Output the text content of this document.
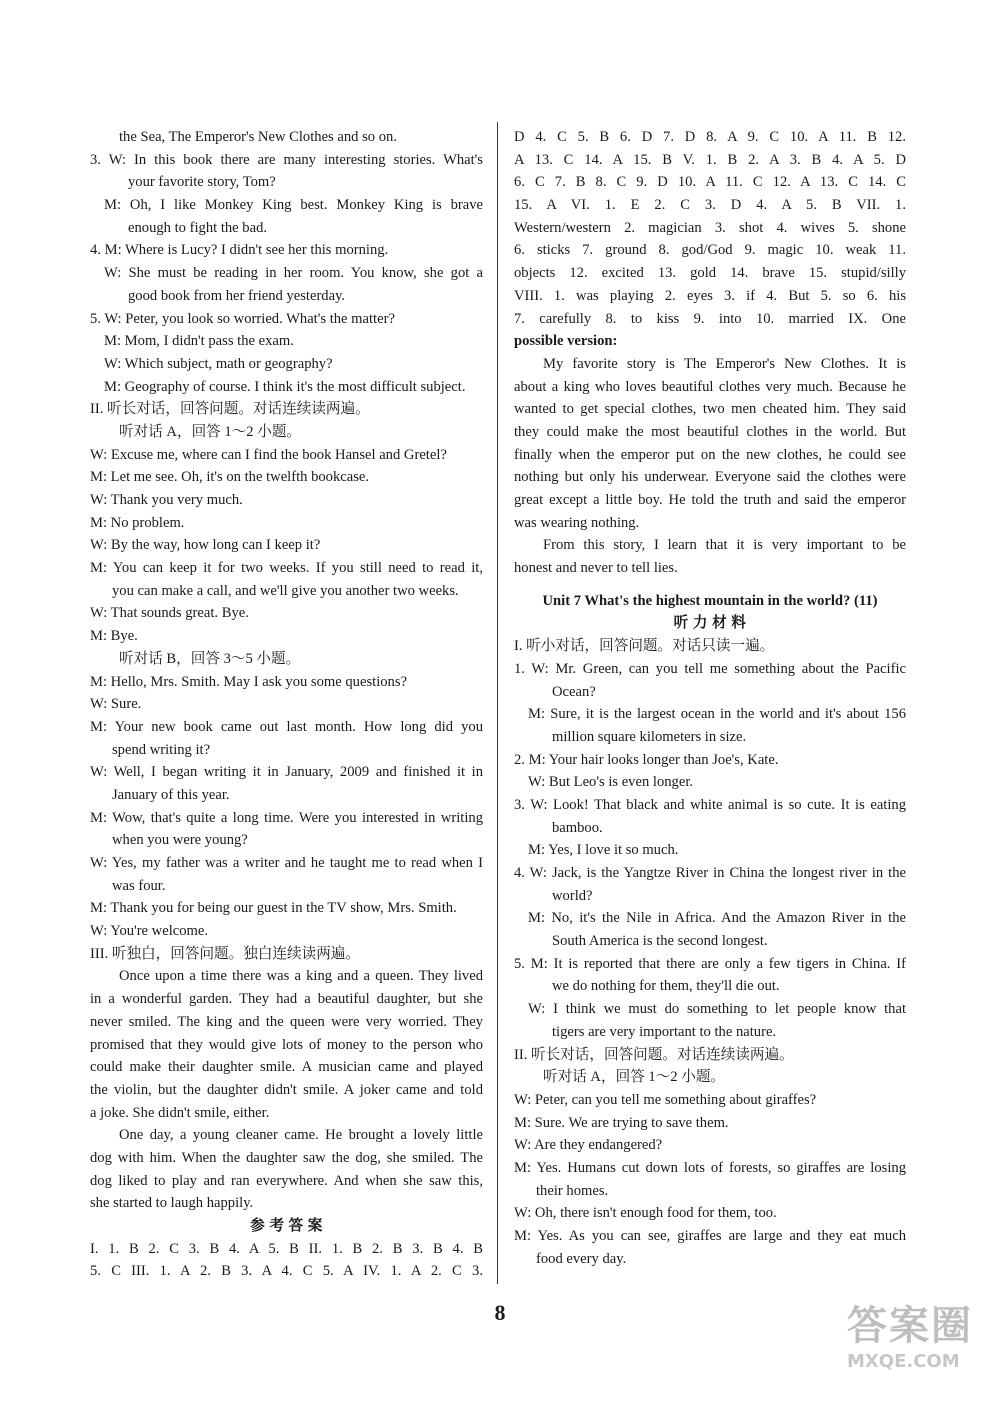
the Sea, The Emperor's New Clothes and so on.
3. W: In this book there are many interesting stories. What's
your favorite story, Tom?
M: Oh, I like Monkey King best. Monkey King is brave
enough to fight the bad.
4. M: Where is Lucy? I didn't see her this morning.
W: She must be reading in her room. You know, she got a
good book from her friend yesterday.
5. W: Peter, you look so worried. What's the matter?
M: Mom, I didn't pass the exam.
W: Which subject, math or geography?
M: Geography of course. I think it's the most difficult subject.
II. 听长对话，回答问题。对话连续读两遍。
听对话 A，回答 1～2 小题。
W: Excuse me, where can I find the book Hansel and Gretel?
M: Let me see. Oh, it's on the twelfth bookcase.
W: Thank you very much.
M: No problem.
W: By the way, how long can I keep it?
M: You can keep it for two weeks. If you still need to read it,
you can make a call, and we'll give you another two weeks.
W: That sounds great. Bye.
M: Bye.
听对话 B，回答 3～5 小题。
M: Hello, Mrs. Smith. May I ask you some questions?
W: Sure.
M: Your new book came out last month. How long did you
spend writing it?
W: Well, I began writing it in January, 2009 and finished it in
January of this year.
M: Wow, that's quite a long time. Were you interested in writing
when you were young?
W: Yes, my father was a writer and he taught me to read when I
was four.
M: Thank you for being our guest in the TV show, Mrs. Smith.
W: You're welcome.
III. 听独白，回答问题。独白连续读两遍。
Once upon a time there was a king and a queen. They lived
in a wonderful garden. They had a beautiful daughter, but she
never smiled. The king and the queen were very worried. They
promised that they would give lots of money to the person who
could make their daughter smile. A musician came and played
the violin, but the daughter didn't smile. A joker came and told
a joke. She didn't smile, either.
One day, a young cleaner came. He brought a lovely little
dog with him. When the daughter saw the dog, she smiled. The
dog liked to play and ran everywhere. And when she saw this,
she started to laugh happily.
参 考 答 案
I. 1. B 2. C 3. B 4. A 5. B II. 1. B 2. B 3. B 4. B
5. C III. 1. A 2. B 3. A 4. C 5. A IV. 1. A 2. C 3.
D 4. C 5. B 6. D 7. D 8. A 9. C 10. A 11. B 12.
A 13. C 14. A 15. B V. 1. B 2. A 3. B 4. A 5. D
6. C 7. B 8. C 9. D 10. A 11. C 12. A 13. C 14. C
15. A VI. 1. E 2. C 3. D 4. A 5. B VII. 1.
Western/western 2. magician 3. shot 4. wives 5. shone
6. sticks 7. ground 8. god/God 9. magic 10. weak 11.
objects 12. excited 13. gold 14. brave 15. stupid/silly
VIII. 1. was playing 2. eyes 3. if 4. But 5. so 6. his
7. carefully 8. to kiss 9. into 10. married IX. One
possible version:
My favorite story is The Emperor's New Clothes. It is
about a king who loves beautiful clothes very much. Because he
wanted to get special clothes, two men cheated him. They said
they could make the most beautiful clothes in the world. But
finally when the emperor put on the new clothes, he could see
nothing but only his underwear. Everyone said the clothes were
great except a little boy. He told the truth and said the emperor
was wearing nothing.
From this story, I learn that it is very important to be
honest and never to tell lies.
Unit 7 What's the highest mountain in the world? (11)
听 力 材 料
I. 听小对话，回答问题。对话只读一遍。
1. W: Mr. Green, can you tell me something about the Pacific
Ocean?
M: Sure, it is the largest ocean in the world and it's about 156
million square kilometers in size.
2. M: Your hair looks longer than Joe's, Kate.
W: But Leo's is even longer.
3. W: Look! That black and white animal is so cute. It is eating
bamboo.
M: Yes, I love it so much.
4. W: Jack, is the Yangtze River in China the longest river in the
world?
M: No, it's the Nile in Africa. And the Amazon River in the
South America is the second longest.
5. M: It is reported that there are only a few tigers in China. If
we do nothing for them, they'll die out.
W: I think we must do something to let people know that
tigers are very important to the nature.
II. 听长对话，回答问题。对话连续读两遍。
听对话 A，回答 1～2 小题。
W: Peter, can you tell me something about giraffes?
M: Sure. We are trying to save them.
W: Are they endangered?
M: Yes. Humans cut down lots of forests, so giraffes are losing
their homes.
W: Oh, there isn't enough food for them, too.
M: Yes. As you can see, giraffes are large and they eat much
food every day.
8	答案圈
MXQE.COM
